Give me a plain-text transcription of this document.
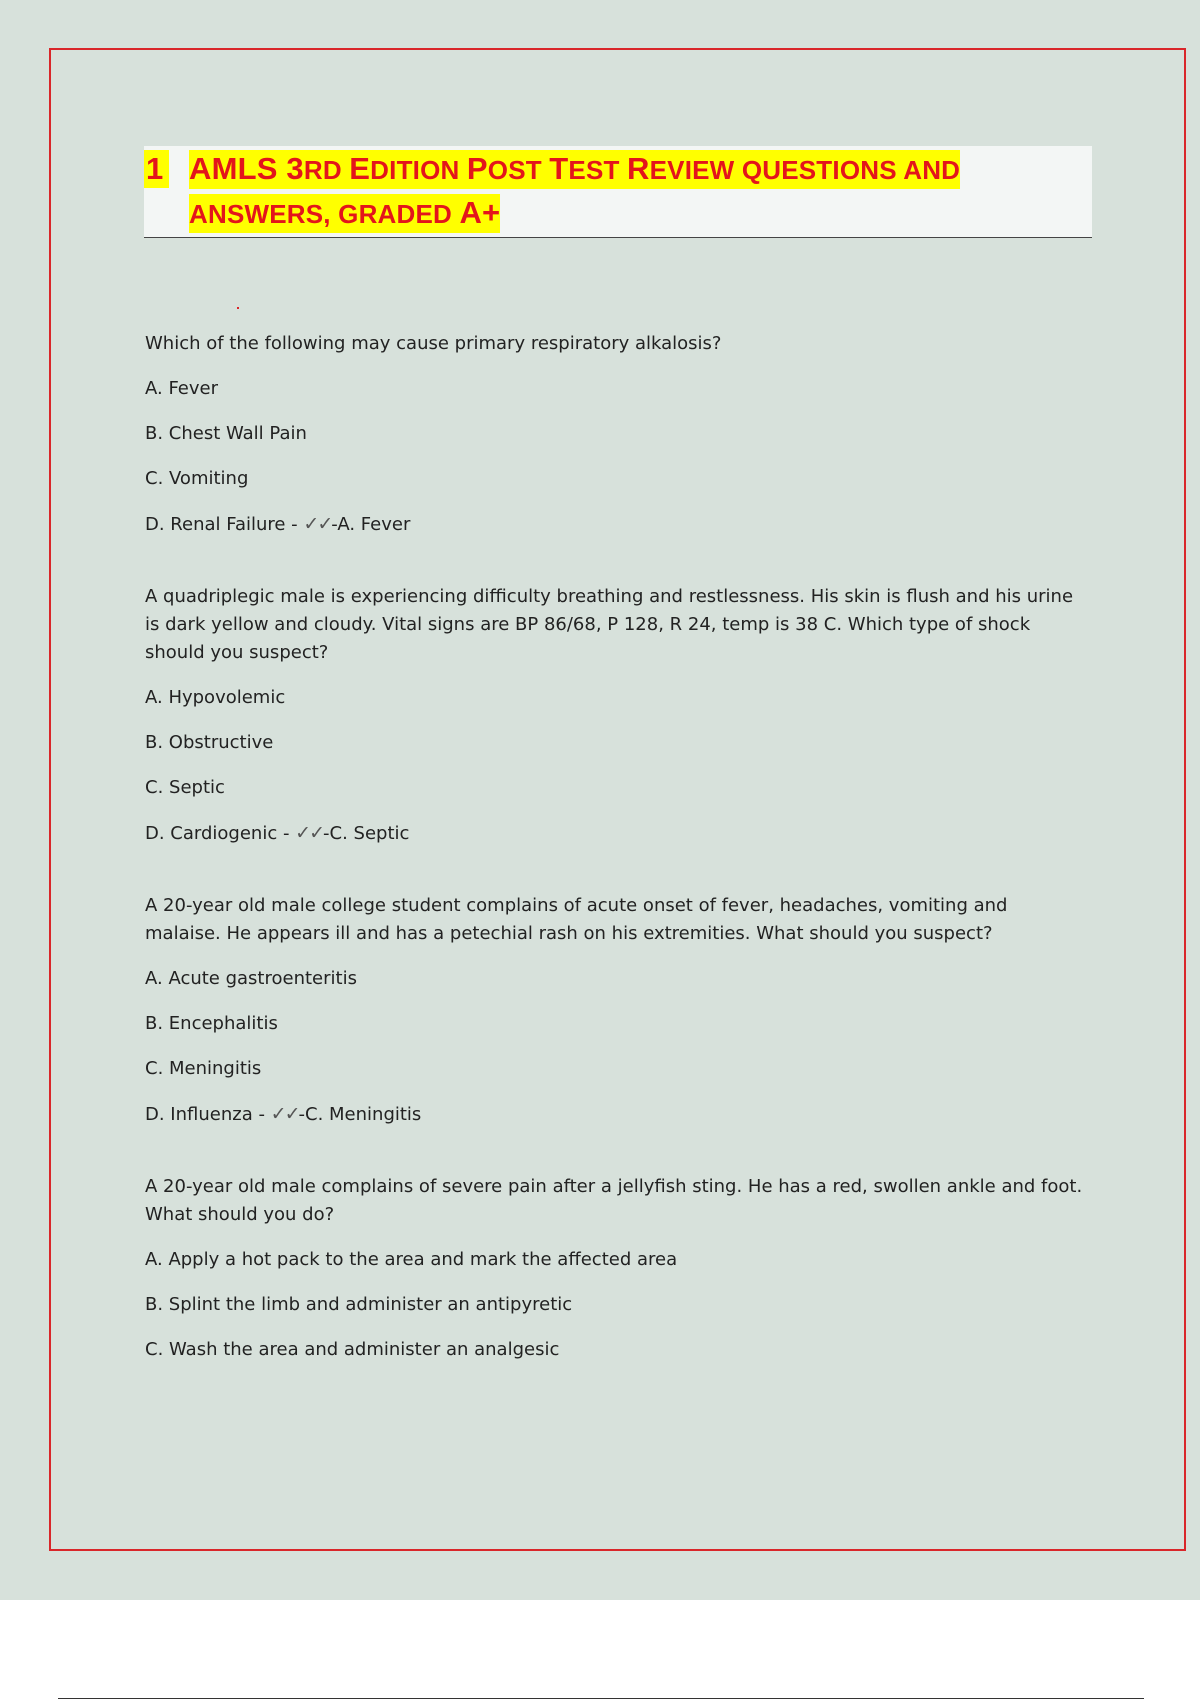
1 AMLS 3RD EDITION POST TEST REVIEW QUESTIONS AND
ANSWERS, GRADED A+

Which of the following may cause primary respiratory alkalosis?

A. Fever

B. Chest Wall Pain

C. Vomiting

D. Renal Failure - ✓✓-A. Fever

A quadriplegic male is experiencing difficulty breathing and restlessness. His skin is flush and his urine is dark yellow and cloudy. Vital signs are BP 86/68, P 128, R 24, temp is 38 C. Which type of shock should you suspect?

A. Hypovolemic

B. Obstructive

C. Septic

D. Cardiogenic - ✓✓-C. Septic

A 20-year old male college student complains of acute onset of fever, headaches, vomiting and malaise. He appears ill and has a petechial rash on his extremities. What should you suspect?

A. Acute gastroenteritis

B. Encephalitis

C. Meningitis

D. Influenza - ✓✓-C. Meningitis

A 20-year old male complains of severe pain after a jellyfish sting. He has a red, swollen ankle and foot. What should you do?

A. Apply a hot pack to the area and mark the affected area

B. Splint the limb and administer an antipyretic

C. Wash the area and administer an analgesic
